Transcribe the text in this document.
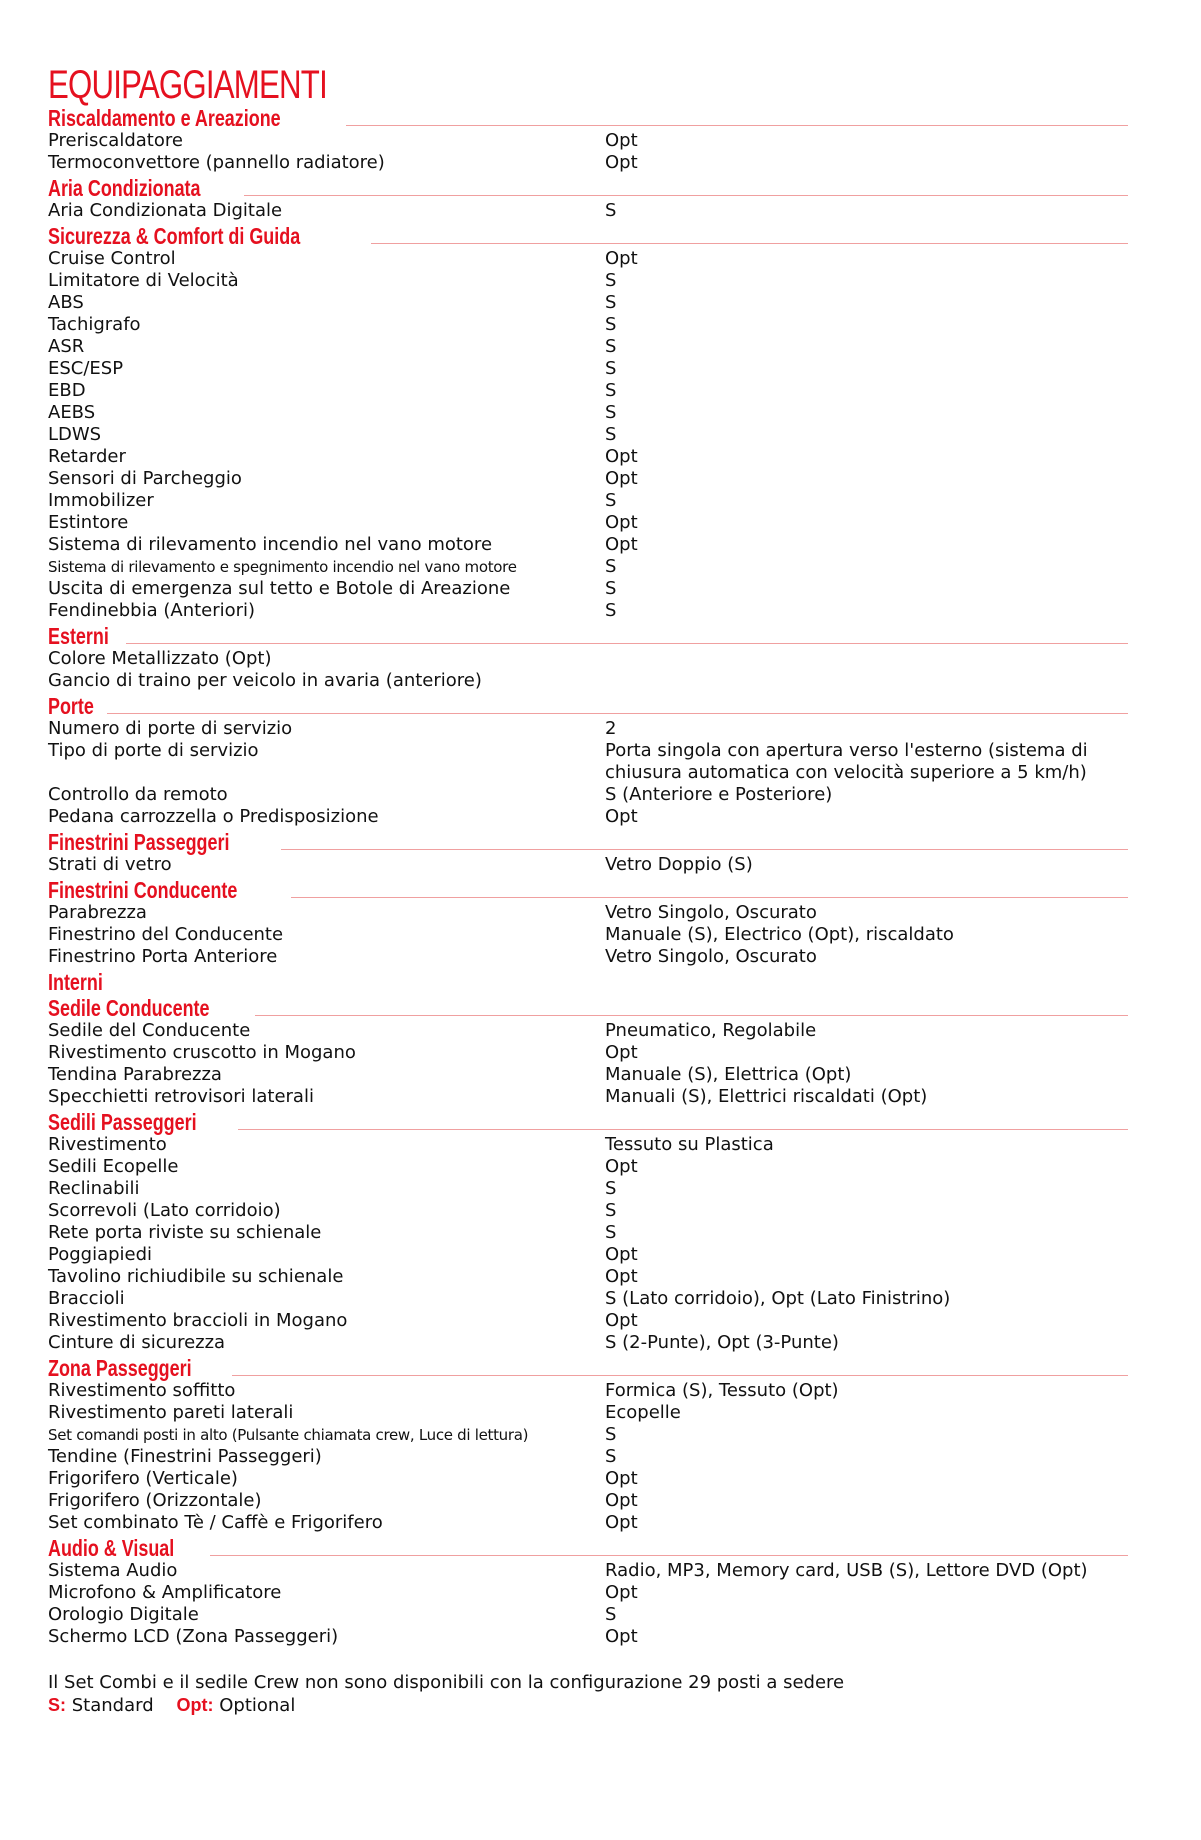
EQUIPAGGIAMENTI
Riscaldamento e Areazione
Preriscaldatore	Opt
Termoconvettore (pannello radiatore)	Opt
Aria Condizionata
Aria Condizionata Digitale	S
Sicurezza & Comfort di Guida
Cruise Control	Opt
Limitatore di Velocità	S
ABS	S
Tachigrafo	S
ASR	S
ESC/ESP	S
EBD	S
AEBS	S
LDWS	S
Retarder	Opt
Sensori di Parcheggio	Opt
Immobilizer	S
Estintore	Opt
Sistema di rilevamento incendio nel vano motore	Opt
Sistema di rilevamento e spegnimento incendio nel vano motore	S
Uscita di emergenza sul tetto e Botole di Areazione	S
Fendinebbia (Anteriori)	S
Esterni
Colore Metallizzato (Opt)
Gancio di traino per veicolo in avaria (anteriore)
Porte
Numero di porte di servizio	2
Tipo di porte di servizio	Porta singola con apertura verso l'esterno (sistema di chiusura automatica con velocità superiore a 5 km/h)
Controllo da remoto	S (Anteriore e Posteriore)
Pedana carrozzella o Predisposizione	Opt
Finestrini Passeggeri
Strati di vetro	Vetro Doppio (S)
Finestrini Conducente
Parabrezza	Vetro Singolo, Oscurato
Finestrino del Conducente	Manuale (S), Electrico (Opt), riscaldato
Finestrino Porta Anteriore	Vetro Singolo, Oscurato
Interni
Sedile Conducente
Sedile del Conducente	Pneumatico, Regolabile
Rivestimento cruscotto in Mogano	Opt
Tendina Parabrezza	Manuale (S), Elettrica (Opt)
Specchietti retrovisori laterali	Manuali (S), Elettrici riscaldati (Opt)
Sedili Passeggeri
Rivestimento	Tessuto su Plastica
Sedili Ecopelle	Opt
Reclinabili	S
Scorrevoli (Lato corridoio)	S
Rete porta riviste su schienale	S
Poggiapiedi	Opt
Tavolino richiudibile su schienale	Opt
Braccioli	S (Lato corridoio), Opt (Lato Finistrino)
Rivestimento braccioli in Mogano	Opt
Cinture di sicurezza	S (2-Punte), Opt (3-Punte)
Zona Passeggeri
Rivestimento soffitto	Formica (S), Tessuto (Opt)
Rivestimento pareti laterali	Ecopelle
Set comandi posti in alto (Pulsante chiamata crew, Luce di lettura)	S
Tendine (Finestrini Passeggeri)	S
Frigorifero (Verticale)	Opt
Frigorifero (Orizzontale)	Opt
Set combinato Tè / Caffè e Frigorifero	Opt
Audio & Visual
Sistema Audio	Radio, MP3, Memory card, USB (S), Lettore DVD (Opt)
Microfono & Amplificatore	Opt
Orologio Digitale	S
Schermo LCD (Zona Passeggeri)	Opt
Il Set Combi e il sedile Crew non sono disponibili con la configurazione 29 posti a sedere
S: Standard Opt: Optional
